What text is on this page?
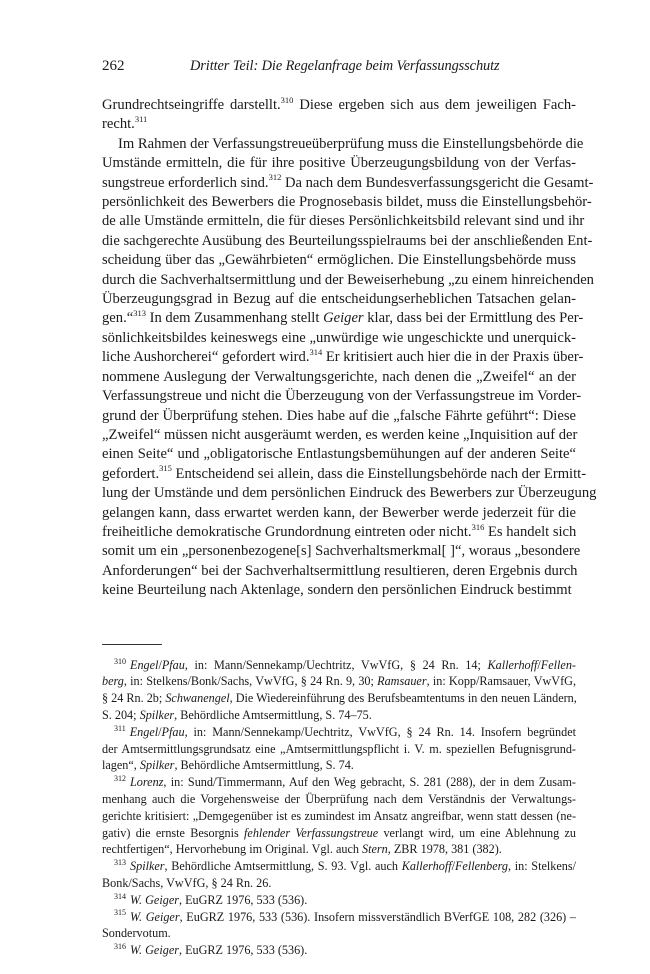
262	Dritter Teil: Die Regelanfrage beim Verfassungsschutz

Grundrechtseingriffe darstellt.$^{310}$ Diese ergeben sich aus dem jeweiligen Fach-
recht.$^{311}$

Im Rahmen der Verfassungstreueüberprüfung muss die Einstellungsbehörde die
Umstände ermitteln, die für ihre positive Überzeugungsbildung von der Verfas-
sungstreue erforderlich sind.$^{312}$ Da nach dem Bundesverfassungsgericht die Gesamt-
persönlichkeit des Bewerbers die Prognosebasis bildet, muss die Einstellungsbehör-
de alle Umstände ermitteln, die für dieses Persönlichkeitsbild relevant sind und ihr
die sachgerechte Ausübung des Beurteilungsspielraums bei der anschließenden Ent-
scheidung über das „Gewährbieten“ ermöglichen. Die Einstellungsbehörde muss
durch die Sachverhaltsermittlung und der Beweiserhebung „zu einem hinreichenden
Überzeugungsgrad in Bezug auf die entscheidungserheblichen Tatsachen gelan-
gen.“$^{313}$ In dem Zusammenhang stellt Geiger klar, dass bei der Ermittlung des Per-
sönlichkeitsbildes keineswegs eine „unwürdige wie ungeschickte und unerquick-
liche Aushorcherei“ gefordert wird.$^{314}$ Er kritisiert auch hier die in der Praxis über-
nommene Auslegung der Verwaltungsgerichte, nach denen die „Zweifel“ an der
Verfassungstreue und nicht die Überzeugung von der Verfassungstreue im Vorder-
grund der Überprüfung stehen. Dies habe auf die „falsche Fährte geführt“: Diese
„Zweifel“ müssen nicht ausgeräumt werden, es werden keine „Inquisition auf der
einen Seite“ und „obligatorische Entlastungsbemühungen auf der anderen Seite“
gefordert.$^{315}$ Entscheidend sei allein, dass die Einstellungsbehörde nach der Ermitt-
lung der Umstände und dem persönlichen Eindruck des Bewerbers zur Überzeugung
gelangen kann, dass erwartet werden kann, der Bewerber werde jederzeit für die
freiheitliche demokratische Grundordnung eintreten oder nicht.$^{316}$ Es handelt sich
somit um ein „personenbezogene[s] Sachverhaltsmerkmal[ ]“, woraus „besondere
Anforderungen“ bei der Sachverhaltsermittlung resultieren, deren Ergebnis durch
keine Beurteilung nach Aktenlage, sondern den persönlichen Eindruck bestimmt

$^{310}$ Engel/Pfau, in: Mann/Sennekamp/Uechtritz, VwVfG, § 24 Rn. 14; Kallerhoff/Fellen-
berg, in: Stelkens/Bonk/Sachs, VwVfG, § 24 Rn. 9, 30; Ramsauer, in: Kopp/Ramsauer, VwVfG,
§ 24 Rn. 2b; Schwanengel, Die Wiedereinführung des Berufsbeamtentums in den neuen Ländern,
S. 204; Spilker, Behördliche Amtsermittlung, S. 74–75.

$^{311}$ Engel/Pfau, in: Mann/Sennekamp/Uechtritz, VwVfG, § 24 Rn. 14. Insofern begründet
der Amtsermittlungsgrundsatz eine „Amtsermittlungspflicht i. V. m. speziellen Befugnisgrund-
lagen“, Spilker, Behördliche Amtsermittlung, S. 74.

$^{312}$ Lorenz, in: Sund/Timmermann, Auf den Weg gebracht, S. 281 (288), der in dem Zusam-
menhang auch die Vorgehensweise der Überprüfung nach dem Verständnis der Verwaltungs-
gerichte kritisiert: „Demgegenüber ist es zumindest im Ansatz angreifbar, wenn statt dessen (ne-
gativ) die ernste Besorgnis fehlender Verfassungstreue verlangt wird, um eine Ablehnung zu
rechtfertigen“, Hervorhebung im Original. Vgl. auch Stern, ZBR 1978, 381 (382).

$^{313}$ Spilker, Behördliche Amtsermittlung, S. 93. Vgl. auch Kallerhoff/Fellenberg, in: Stelkens/
Bonk/Sachs, VwVfG, § 24 Rn. 26.

$^{314}$ W. Geiger, EuGRZ 1976, 533 (536).

$^{315}$ W. Geiger, EuGRZ 1976, 533 (536). Insofern missverständlich BVerfGE 108, 282 (326) –
Sondervotum.

$^{316}$ W. Geiger, EuGRZ 1976, 533 (536).
